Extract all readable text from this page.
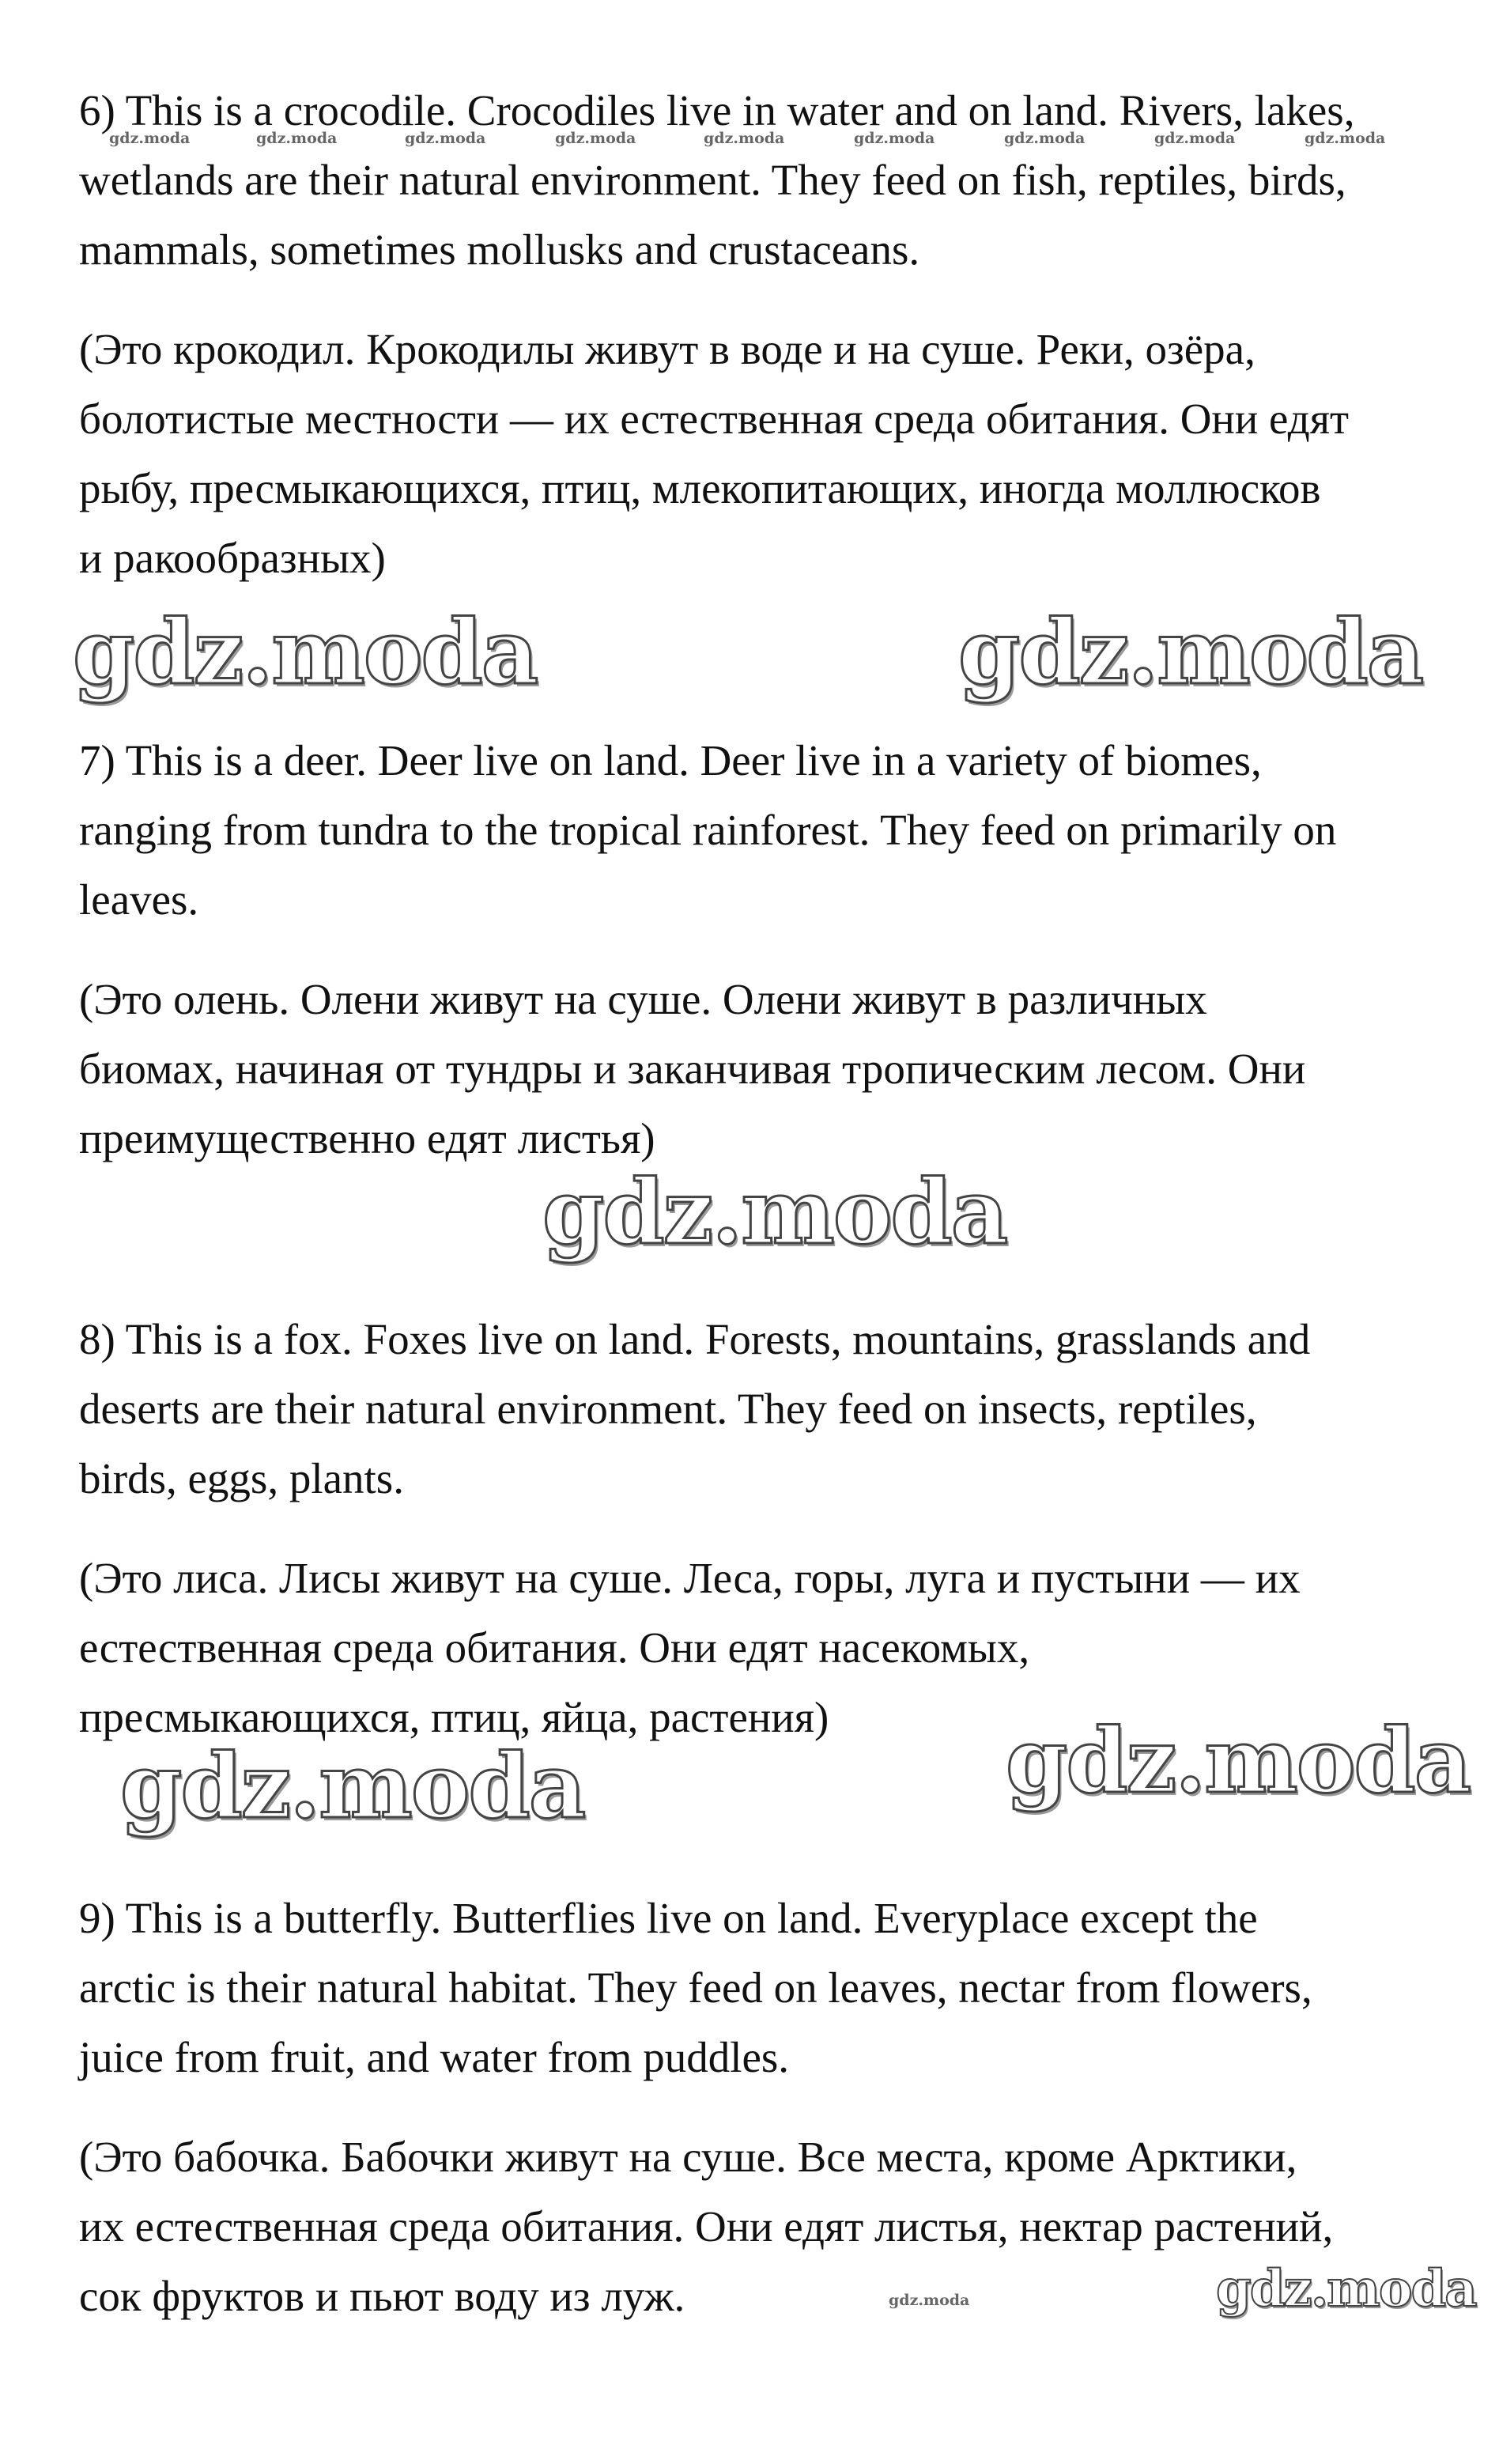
6) This is a crocodile. Crocodiles live in water and on land. Rivers, lakes,
wetlands are their natural environment. They feed on fish, reptiles, birds,
mammals, sometimes mollusks and crustaceans.

(Это крокодил. Крокодилы живут в воде и на суше. Реки, озёра,
болотистые местности — их естественная среда обитания. Они едят
рыбу, пресмыкающихся, птиц, млекопитающих, иногда моллюсков
и ракообразных)

7) This is a deer. Deer live on land. Deer live in a variety of biomes,
ranging from tundra to the tropical rainforest. They feed on primarily on
leaves.

(Это олень. Олени живут на суше. Олени живут в различных
биомах, начиная от тундры и заканчивая тропическим лесом. Они
преимущественно едят листья)

8) This is a fox. Foxes live on land. Forests, mountains, grasslands and
deserts are their natural environment. They feed on insects, reptiles,
birds, eggs, plants.

(Это лиса. Лисы живут на суше. Леса, горы, луга и пустыни — их
естественная среда обитания. Они едят насекомых,
пресмыкающихся, птиц, яйца, растения)

9) This is a butterfly. Butterflies live on land. Everyplace except the
arctic is their natural habitat. They feed on leaves, nectar from flowers,
juice from fruit, and water from puddles.

(Это бабочка. Бабочки живут на суше. Все места, кроме Арктики,
их естественная среда обитания. Они едят листья, нектар растений,
сок фруктов и пьют воду из луж.

gdz.moda	gdz.moda	gdz.moda	gdz.moda	gdz.moda	gdz.moda	gdz.moda	gdz.moda	gdz.moda
gdz.moda	gdz.moda
gdz.moda
gdz.moda	gdz.moda
gdz.moda	gdz.moda
